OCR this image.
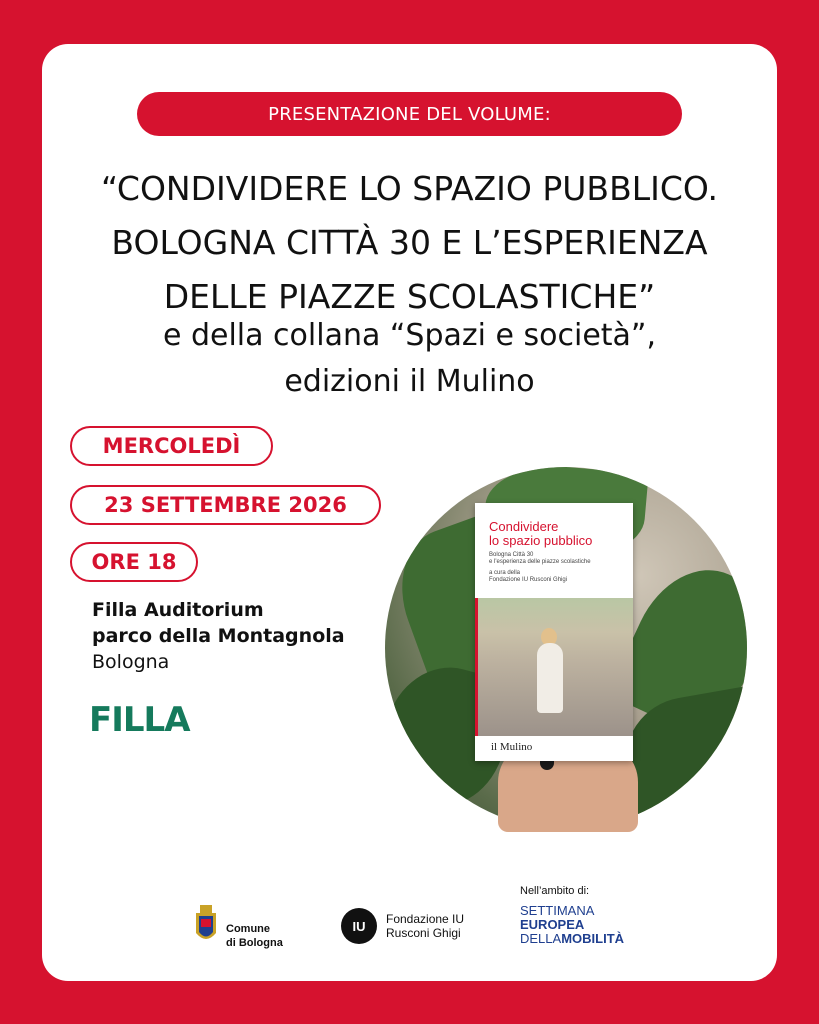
PRESENTAZIONE DEL VOLUME:
“CONDIVIDERE LO SPAZIO PUBBLICO.
BOLOGNA CITTÀ 30 E L’ESPERIENZA
DELLE PIAZZE SCOLASTICHE”
e della collana “Spazi e società”,
edizioni il Mulino
MERCOLEDÌ
23 SETTEMBRE 2026
ORE 18
Filla Auditorium
parco della Montagnola
Bologna
FILLA
Condividere
lo spazio pubblico
Bologna Città 30
e l'esperienza delle piazze scolastiche
a cura della
Fondazione IU Rusconi Ghigi
il Mulino
Comune
di Bologna
IU	Fondazione IU
Rusconi Ghigi
Nell’ambito di:
SETTIMANA
EUROPEA
DELLAMOBILITÀ
